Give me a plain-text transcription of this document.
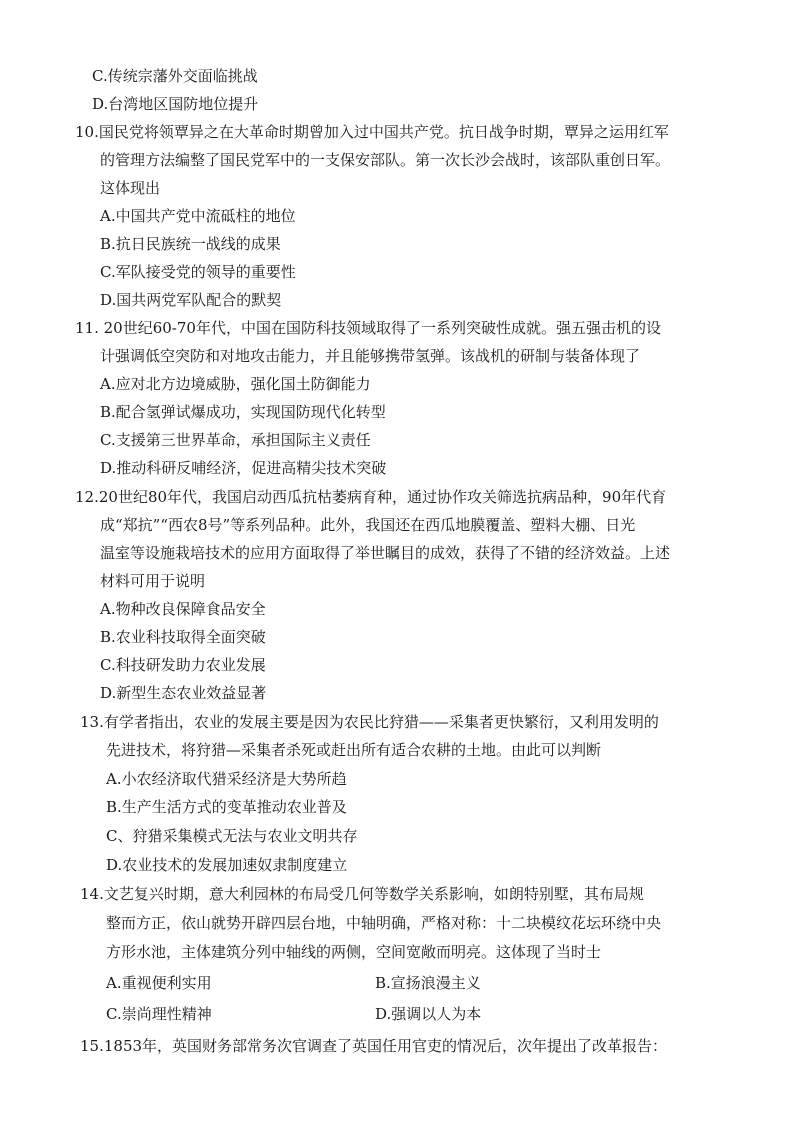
C.传统宗藩外交面临挑战
D.台湾地区国防地位提升
10.国民党将领覃异之在大革命时期曾加入过中国共产党。抗日战争时期，覃异之运用红军
的管理方法编整了国民党军中的一支保安部队。第一次长沙会战时，该部队重创日军。
这体现出
A.中国共产党中流砥柱的地位
B.抗日民族统一战线的成果
C.军队接受党的领导的重要性
D.国共两党军队配合的默契
11. 20世纪60-70年代，中国在国防科技领域取得了一系列突破性成就。强五强击机的设
计强调低空突防和对地攻击能力，并且能够携带氢弹。该战机的研制与装备体现了
A.应对北方边境威胁，强化国土防御能力
B.配合氢弹试爆成功，实现国防现代化转型
C.支援第三世界革命，承担国际主义责任
D.推动科研反哺经济，促进高精尖技术突破
12.20世纪80年代，我国启动西瓜抗枯萎病育种，通过协作攻关筛选抗病品种，90年代育
成“郑抗”“西农8号”等系列品种。此外，我国还在西瓜地膜覆盖、塑料大棚、日光
温室等设施栽培技术的应用方面取得了举世瞩目的成效，获得了不错的经济效益。上述
材料可用于说明
A.物种改良保障食品安全
B.农业科技取得全面突破
C.科技研发助力农业发展
D.新型生态农业效益显著
13.有学者指出，农业的发展主要是因为农民比狩猎——采集者更快繁衍，又利用发明的
先进技术，将狩猎—采集者杀死或赶出所有适合农耕的土地。由此可以判断
A.小农经济取代猎采经济是大势所趋
B.生产生活方式的变革推动农业普及
C、狩猎采集模式无法与农业文明共存
D.农业技术的发展加速奴隶制度建立
14.文艺复兴时期，意大利园林的布局受几何等数学关系影响，如朗特别墅，其布局规
整而方正，依山就势开辟四层台地，中轴明确，严格对称：十二块模纹花坛环绕中央
方形水池，主体建筑分列中轴线的两侧，空间宽敞而明亮。这体现了当时士
A.重视便利实用	B.宣扬浪漫主义
C.崇尚理性精神	D.强调以人为本
15.1853年，英国财务部常务次官调查了英国任用官吏的情况后，次年提出了改革报告：
